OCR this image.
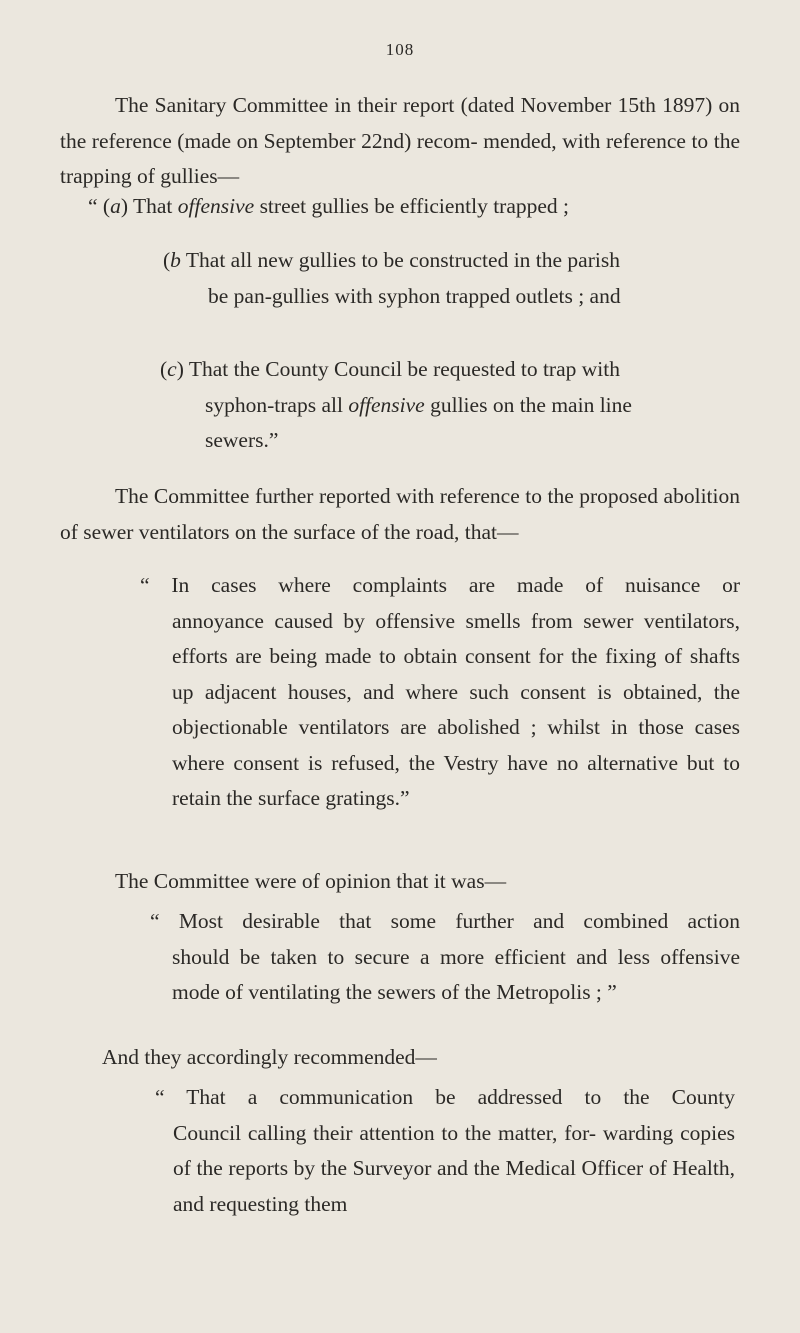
108

The Sanitary Committee in their report (dated November 15th 1897) on the reference (made on September 22nd) recom- mended, with reference to the trapping of gullies—

“ (a) That offensive street gullies be efficiently trapped ;

(b That all new gullies to be constructed in the parish
be pan-gullies with syphon trapped outlets ; and
(c) That the County Council be requested to trap with
syphon-traps all offensive gullies on the main line
sewers.”

The Committee further reported with reference to the proposed abolition of sewer ventilators on the surface of the road, that—

“ In cases where complaints are made of nuisance or
annoyance caused by offensive smells from sewer ventilators, efforts are being made to obtain consent for the fixing of shafts up adjacent houses, and where such consent is obtained, the objectionable ventilators are abolished ; whilst in those cases where consent is refused, the Vestry have no alternative but to retain the surface gratings.”

The Committee were of opinion that it was—

“ Most desirable that some further and combined action
should be taken to secure a more efficient and less offensive mode of ventilating the sewers of the Metropolis ; ”

And they accordingly recommended—

“ That a communication be addressed to the County
Council calling their attention to the matter, for- warding copies of the reports by the Surveyor and the Medical Officer of Health, and requesting them
